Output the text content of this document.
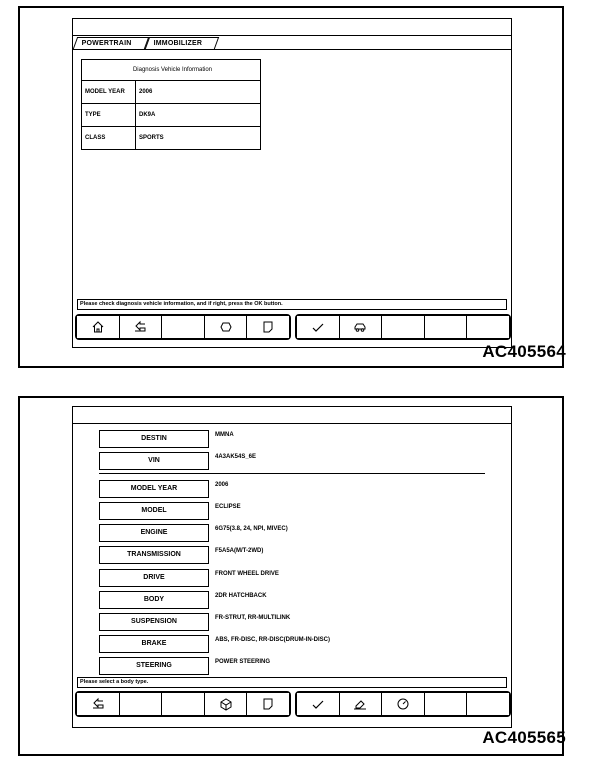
POWERTRAIN	IMMOBILIZER
Diagnosis Vehicle Information	
MODEL YEAR	2006
TYPE	DK9A
CLASS	SPORTS
Please check diagnosis vehicle information, and if right, press the OK button.
AC405564
DESTIN	MMNA
VIN	4A3AK54S_6E
MODEL YEAR	2006
MODEL	ECLIPSE
ENGINE	6G75(3.8, 24, NPI, MIVEC)
TRANSMISSION	F5A5A(M/T-2WD)
DRIVE	FRONT WHEEL DRIVE
BODY	2DR HATCHBACK
SUSPENSION	FR-STRUT, RR-MULTILINK
BRAKE	ABS, FR-DISC, RR-DISC(DRUM-IN-DISC)
STEERING	POWER STEERING
Please select a body type.
AC405565
